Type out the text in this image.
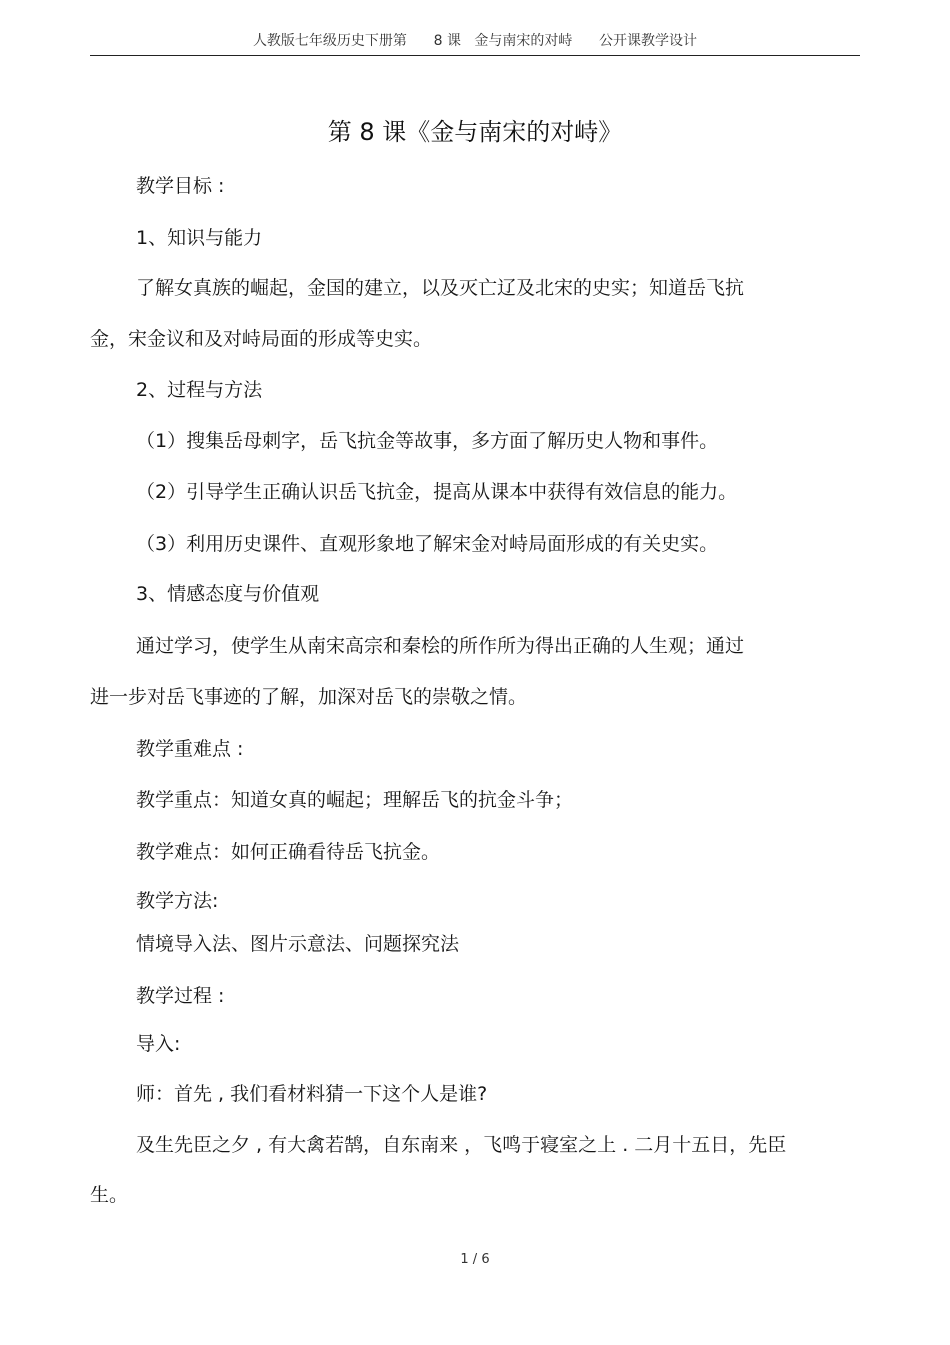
人教版七年级历史下册第      8 课   金与南宋的对峙      公开课教学设计
第 8 课《金与南宋的对峙》
教学目标 :
1、知识与能力
了解女真族的崛起，金国的建立，以及灭亡辽及北宋的史实；知道岳飞抗
金，宋金议和及对峙局面的形成等史实。
2、过程与方法
（1）搜集岳母刺字，岳飞抗金等故事，多方面了解历史人物和事件。
（2）引导学生正确认识岳飞抗金，提高从课本中获得有效信息的能力。
（3）利用历史课件、直观形象地了解宋金对峙局面形成的有关史实。
3、情感态度与价值观
通过学习，使学生从南宋高宗和秦桧的所作所为得出正确的人生观；通过
进一步对岳飞事迹的了解，加深对岳飞的崇敬之情。
教学重难点 :
教学重点：知道女真的崛起；理解岳飞的抗金斗争；
教学难点：如何正确看待岳飞抗金。
教学方法:
情境导入法、图片示意法、问题探究法
教学过程 :
导入:
师：首先 , 我们看材料猜一下这个人是谁?
及生先臣之夕 , 有大禽若鹄，自东南来 ，飞鸣于寝室之上 . 二月十五日，先臣
生。
1 / 6
